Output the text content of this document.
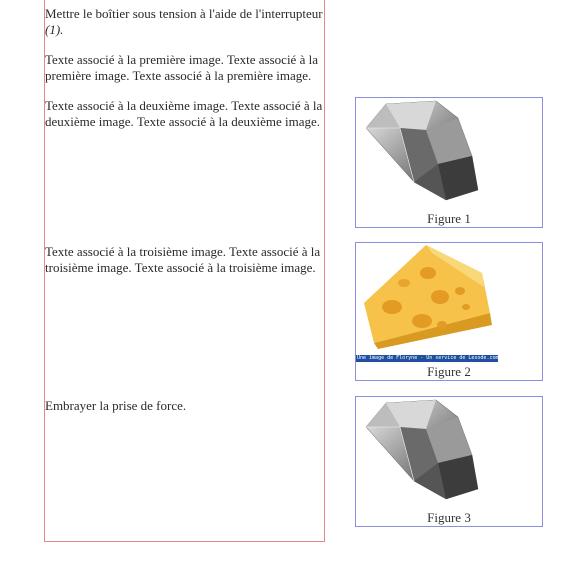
Mettre le boîtier sous tension à l'aide de l'interrupteur (1).
Texte associé à la première image. Texte associé à la première image. Texte associé à la première image.
Texte associé à la deuxième image. Texte associé à la deuxième image. Texte associé à la deuxième image.
Texte associé à la troisième image. Texte associé à la troisième image. Texte associé à la troisième image.
Embrayer la prise de force.
Figure 1
Une image de Floryne - Un service de Lesode.com - 15/07
Figure 2
Figure 3
